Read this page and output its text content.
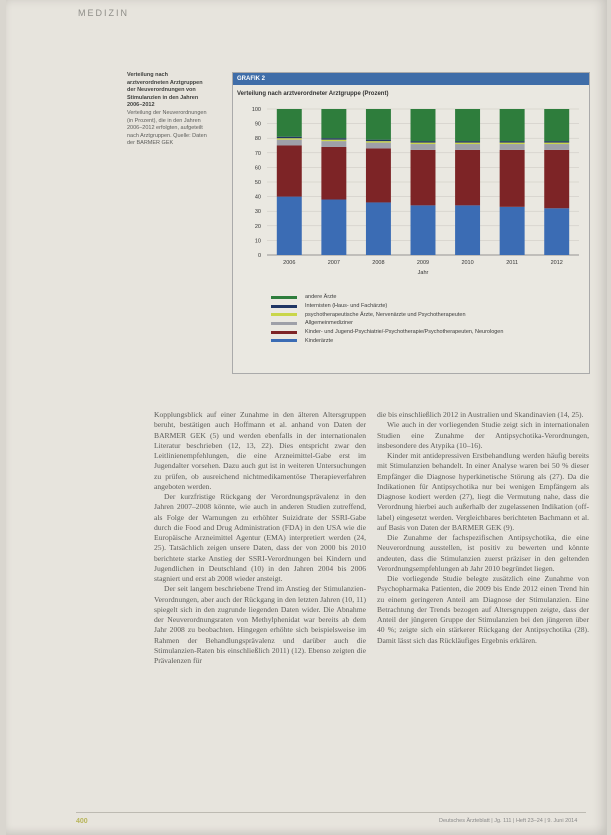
MEDIZIN
Verteilung nach arztverordneten Arztgruppen der Neuverordnungen von Stimulanzien in den Jahren 2006–2012
Verteilung der Neuverordnungen (in Prozent), die in den Jahren 2006–2012 erfolgten, aufgeteilt nach Arztgruppen. Quelle: Daten der BARMER GEK
GRAFIK 2
Verteilung nach arztverordneter Arztgruppe (Prozent)
0
10
20
30
40
50
60
70
80
90
100
2006	2007	2008	2009	2010	2011	2012
Jahr
andere Ärzte
Internisten (Haus- und Fachärzte)
psychotherapeutische Ärzte, Nervenärzte und Psychotherapeuten
Allgemeinmediziner
Kinder- und Jugend-Psychiatrie/-Psychotherapie/Psychotherapeuten, Neurologen
Kinderärzte

Kopplungsblick auf einer Zunahme in den älteren Altersgruppen beruht, bestätigen auch Hoffmann et al. anhand von Daten der BARMER GEK (5) und werden ebenfalls in der internationalen Literatur beschrieben (12, 13, 22). Dies entspricht zwar den Leitlinienempfehlungen, die eine Arzneimittel-Gabe erst im Jugendalter vorsehen. Dazu auch gut ist in weiteren Untersuchungen zu prüfen, ob ausreichend nichtmedikamentöse Therapieverfahren angeboten werden.

Der kurzfristige Rückgang der Verordnungsprävalenz in den Jahren 2007–2008 könnte, wie auch in anderen Studien zutreffend, als Folge der Warnungen zu erhöhter Suizidrate der SSRI-Gabe durch die Food and Drug Administration (FDA) in den USA wie die Europäische Arzneimittel Agentur (EMA) interpretiert werden (24, 25). Tatsächlich zeigen unsere Daten, dass der von 2000 bis 2010 berichtete starke Anstieg der SSRI-Verordnungen bei Kindern und Jugendlichen in Deutschland (10) in den Jahren 2004 bis 2006 stagniert und erst ab 2008 wieder ansteigt.

Der seit langem beschriebene Trend im Anstieg der Stimulanzien-Verordnungen, aber auch der Rückgang in den letzten Jahren (10, 11) spiegelt sich in den zugrunde liegenden Daten wider. Die Abnahme der Neuverordnungsraten von Methylphenidat war bereits ab dem Jahr 2008 zu beobachten. Hingegen erhöhte sich beispielsweise im Rahmen der Behandlungsprävalenz und darüber auch die Stimulanzien-Raten bis einschließlich 2011) (12). Ebenso zeigten die Prävalenzen für

die bis einschließlich 2012 in Australien und Skandinavien (14, 25).

Wie auch in der vorliegenden Studie zeigt sich in internationalen Studien eine Zunahme der Antipsychotika-Verordnungen, insbesondere des Atypika (10–16).

Kinder mit antidepressiven Erstbehandlung werden häufig bereits mit Stimulanzien behandelt. In einer Analyse waren bei 50 % dieser Empfänger die Diagnose hyperkinetische Störung als (27). Da die Indikationen für Antipsychotika nur bei wenigen Empfängern als Diagnose kodiert werden (27), liegt die Vermutung nahe, dass die Verordnung hierbei auch außerhalb der zugelassenen Indikation (off-label) eingesetzt werden. Vergleichbares berichteten Bachmann et al. auf Basis von Daten der BARMER GEK (9).

Die Zunahme der fachspezifischen Antipsychotika, die eine Neuverordnung ausstellen, ist positiv zu bewerten und könnte andeuten, dass die Stimulanzien zuerst präziser in den geltenden Verordnungsempfehlungen ab Jahr 2010 begründet liegen.

Die vorliegende Studie belegte zusätzlich eine Zunahme von Psychopharmaka Patienten, die 2009 bis Ende 2012 einen Trend hin zu einem geringeren Anteil am Diagnose der Stimulanzien. Eine Betrachtung der Trends bezogen auf Altersgruppen zeigte, dass der Anteil der jüngeren Gruppe der Stimulanzien bei den jüngeren über 40 %; zeigte sich ein stärkerer Rückgang der Antipsychotika (28). Damit lässt sich das Rückläufiges Ergebnis erklären.

400	Deutsches Ärzteblatt | Jg. 111 | Heft 23–24 | 9. Juni 2014
